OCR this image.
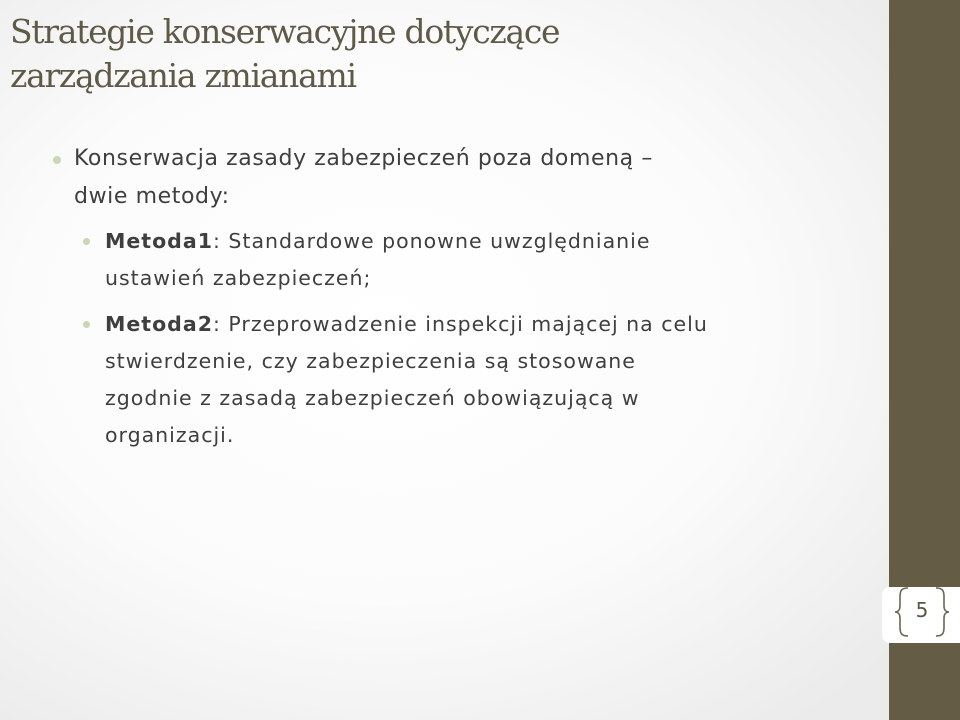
Strategie konserwacyjne dotyczące
zarządzania zmianami
Konserwacja zasady zabezpieczeń poza domeną –
dwie metody:
Metoda1: Standardowe ponowne uwzględnianie
ustawień zabezpieczeń;
Metoda2: Przeprowadzenie inspekcji mającej na celu
stwierdzenie, czy zabezpieczenia są stosowane
zgodnie z zasadą zabezpieczeń obowiązującą w
organizacji.
5
